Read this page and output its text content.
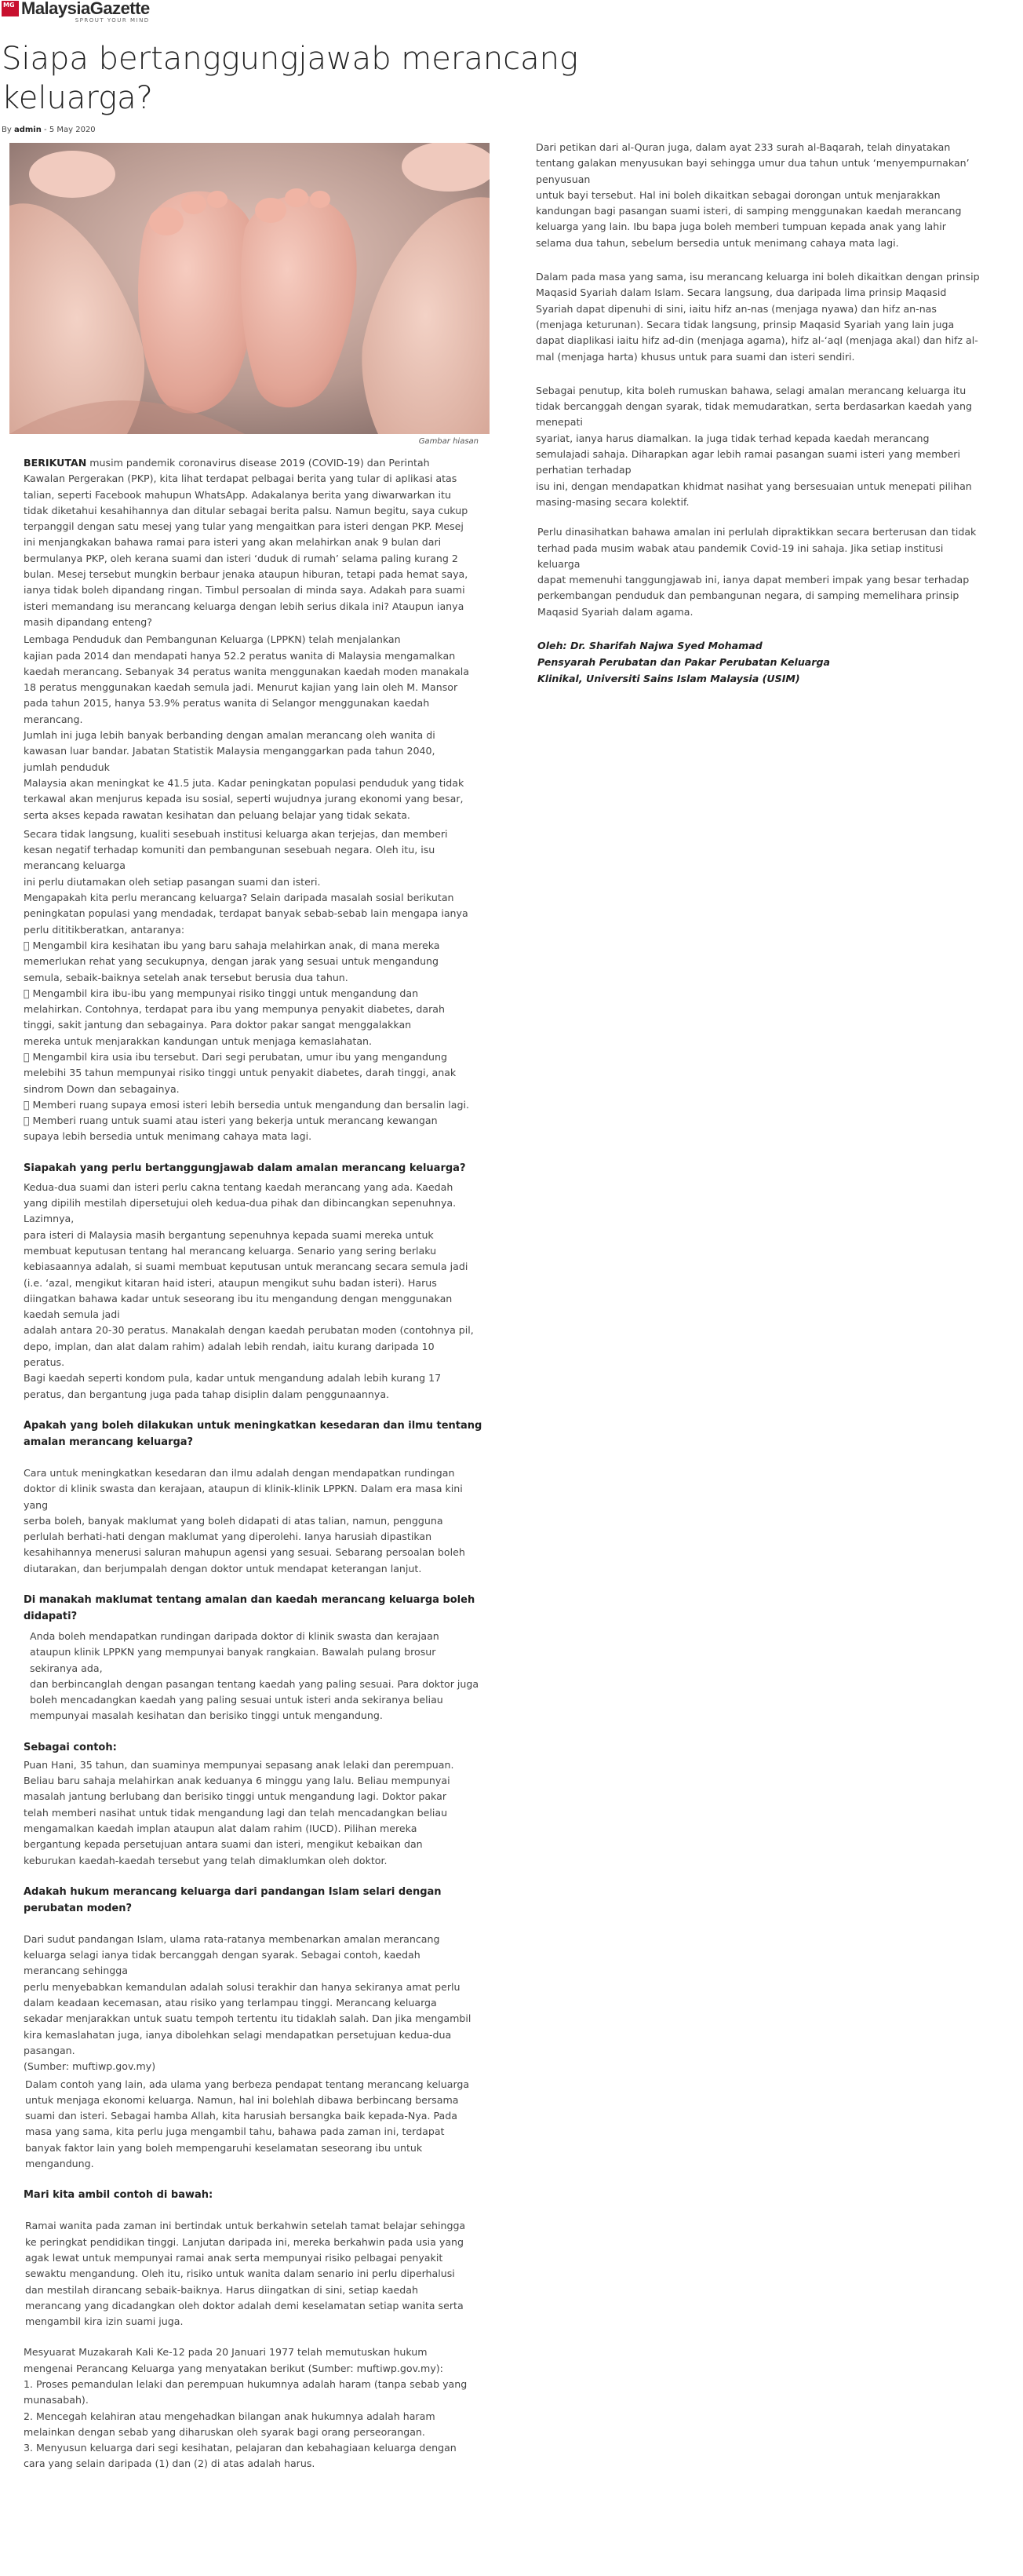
MG MalaysiaGazette
SPROUT YOUR MIND
Siapa bertanggungjawab merancang keluarga?
By admin - 5 May 2020
Gambar hiasan
BERIKUTAN musim pandemik coronavirus disease 2019 (COVID-19) dan Perintah
Kawalan Pergerakan (PKP), kita lihat terdapat pelbagai berita yang tular di aplikasi atas
talian, seperti Facebook mahupun WhatsApp. Adakalanya berita yang diwarwarkan itu
tidak diketahui kesahihannya dan ditular sebagai berita palsu. Namun begitu, saya cukup
terpanggil dengan satu mesej yang tular yang mengaitkan para isteri dengan PKP. Mesej
ini menjangkakan bahawa ramai para isteri yang akan melahirkan anak 9 bulan dari
bermulanya PKP, oleh kerana suami dan isteri ‘duduk di rumah’ selama paling kurang 2
bulan. Mesej tersebut mungkin berbaur jenaka ataupun hiburan, tetapi pada hemat saya,
ianya tidak boleh dipandang ringan. Timbul persoalan di minda saya. Adakah para suami
isteri memandang isu merancang keluarga dengan lebih serius dikala ini? Ataupun ianya
masih dipandang enteng?
Lembaga Penduduk dan Pembangunan Keluarga (LPPKN) telah menjalankan
kajian pada 2014 dan mendapati hanya 52.2 peratus wanita di Malaysia mengamalkan
kaedah merancang. Sebanyak 34 peratus wanita menggunakan kaedah moden manakala
18 peratus menggunakan kaedah semula jadi. Menurut kajian yang lain oleh M. Mansor
pada tahun 2015, hanya 53.9% peratus wanita di Selangor menggunakan kaedah
merancang.
Jumlah ini juga lebih banyak berbanding dengan amalan merancang oleh wanita di
kawasan luar bandar. Jabatan Statistik Malaysia menganggarkan pada tahun 2040,
jumlah penduduk
Malaysia akan meningkat ke 41.5 juta. Kadar peningkatan populasi penduduk yang tidak
terkawal akan menjurus kepada isu sosial, seperti wujudnya jurang ekonomi yang besar,
serta akses kepada rawatan kesihatan dan peluang belajar yang tidak sekata.
Secara tidak langsung, kualiti sesebuah institusi keluarga akan terjejas, dan memberi
kesan negatif terhadap komuniti dan pembangunan sesebuah negara. Oleh itu, isu
merancang keluarga
ini perlu diutamakan oleh setiap pasangan suami dan isteri.
Mengapakah kita perlu merancang keluarga? Selain daripada masalah sosial berikutan
peningkatan populasi yang mendadak, terdapat banyak sebab-sebab lain mengapa ianya
perlu dititikberatkan, antaranya:
Mengambil kira kesihatan ibu yang baru sahaja melahirkan anak, di mana mereka
memerlukan rehat yang secukupnya, dengan jarak yang sesuai untuk mengandung
semula, sebaik-baiknya setelah anak tersebut berusia dua tahun.
Mengambil kira ibu-ibu yang mempunyai risiko tinggi untuk mengandung dan
melahirkan. Contohnya, terdapat para ibu yang mempunya penyakit diabetes, darah
tinggi, sakit jantung dan sebagainya. Para doktor pakar sangat menggalakkan
mereka untuk menjarakkan kandungan untuk menjaga kemaslahatan.
Mengambil kira usia ibu tersebut. Dari segi perubatan, umur ibu yang mengandung
melebihi 35 tahun mempunyai risiko tinggi untuk penyakit diabetes, darah tinggi, anak
sindrom Down dan sebagainya.
Memberi ruang supaya emosi isteri lebih bersedia untuk mengandung dan bersalin lagi.
Memberi ruang untuk suami atau isteri yang bekerja untuk merancang kewangan
supaya lebih bersedia untuk menimang cahaya mata lagi.
Siapakah yang perlu bertanggungjawab dalam amalan merancang keluarga?
Kedua-dua suami dan isteri perlu cakna tentang kaedah merancang yang ada. Kaedah
yang dipilih mestilah dipersetujui oleh kedua-dua pihak dan dibincangkan sepenuhnya.
Lazimnya,
para isteri di Malaysia masih bergantung sepenuhnya kepada suami mereka untuk
membuat keputusan tentang hal merancang keluarga. Senario yang sering berlaku
kebiasaannya adalah, si suami membuat keputusan untuk merancang secara semula jadi
(i.e. ‘azal, mengikut kitaran haid isteri, ataupun mengikut suhu badan isteri). Harus
diingatkan bahawa kadar untuk seseorang ibu itu mengandung dengan menggunakan
kaedah semula jadi
adalah antara 20-30 peratus. Manakalah dengan kaedah perubatan moden (contohnya pil,
depo, implan, dan alat dalam rahim) adalah lebih rendah, iaitu kurang daripada 10
peratus.
Bagi kaedah seperti kondom pula, kadar untuk mengandung adalah lebih kurang 17
peratus, dan bergantung juga pada tahap disiplin dalam penggunaannya.
Apakah yang boleh dilakukan untuk meningkatkan kesedaran dan ilmu tentang
amalan merancang keluarga?
Cara untuk meningkatkan kesedaran dan ilmu adalah dengan mendapatkan rundingan
doktor di klinik swasta dan kerajaan, ataupun di klinik-klinik LPPKN. Dalam era masa kini
yang
serba boleh, banyak maklumat yang boleh didapati di atas talian, namun, pengguna
perlulah berhati-hati dengan maklumat yang diperolehi. Ianya harusiah dipastikan
kesahihannya menerusi saluran mahupun agensi yang sesuai. Sebarang persoalan boleh
diutarakan, dan berjumpalah dengan doktor untuk mendapat keterangan lanjut.
Di manakah maklumat tentang amalan dan kaedah merancang keluarga boleh
didapati?
Anda boleh mendapatkan rundingan daripada doktor di klinik swasta dan kerajaan
ataupun klinik LPPKN yang mempunyai banyak rangkaian. Bawalah pulang brosur
sekiranya ada,
dan berbincanglah dengan pasangan tentang kaedah yang paling sesuai. Para doktor juga
boleh mencadangkan kaedah yang paling sesuai untuk isteri anda sekiranya beliau
mempunyai masalah kesihatan dan berisiko tinggi untuk mengandung.
Sebagai contoh:
Puan Hani, 35 tahun, dan suaminya mempunyai sepasang anak lelaki dan perempuan.
Beliau baru sahaja melahirkan anak keduanya 6 minggu yang lalu. Beliau mempunyai
masalah jantung berlubang dan berisiko tinggi untuk mengandung lagi. Doktor pakar
telah memberi nasihat untuk tidak mengandung lagi dan telah mencadangkan beliau
mengamalkan kaedah implan ataupun alat dalam rahim (IUCD). Pilihan mereka
bergantung kepada persetujuan antara suami dan isteri, mengikut kebaikan dan
keburukan kaedah-kaedah tersebut yang telah dimaklumkan oleh doktor.
Adakah hukum merancang keluarga dari pandangan Islam selari dengan
perubatan moden?
Dari sudut pandangan Islam, ulama rata-ratanya membenarkan amalan merancang
keluarga selagi ianya tidak bercanggah dengan syarak. Sebagai contoh, kaedah
merancang sehingga
perlu menyebabkan kemandulan adalah solusi terakhir dan hanya sekiranya amat perlu
dalam keadaan kecemasan, atau risiko yang terlampau tinggi. Merancang keluarga
sekadar menjarakkan untuk suatu tempoh tertentu itu tidaklah salah. Dan jika mengambil
kira kemaslahatan juga, ianya dibolehkan selagi mendapatkan persetujuan kedua-dua
pasangan.
(Sumber: muftiwp.gov.my)
Dalam contoh yang lain, ada ulama yang berbeza pendapat tentang merancang keluarga
untuk menjaga ekonomi keluarga. Namun, hal ini bolehlah dibawa berbincang bersama
suami dan isteri. Sebagai hamba Allah, kita harusiah bersangka baik kepada-Nya. Pada
masa yang sama, kita perlu juga mengambil tahu, bahawa pada zaman ini, terdapat
banyak faktor lain yang boleh mempengaruhi keselamatan seseorang ibu untuk
mengandung.
Mari kita ambil contoh di bawah:
Ramai wanita pada zaman ini bertindak untuk berkahwin setelah tamat belajar sehingga
ke peringkat pendidikan tinggi. Lanjutan daripada ini, mereka berkahwin pada usia yang
agak lewat untuk mempunyai ramai anak serta mempunyai risiko pelbagai penyakit
sewaktu mengandung. Oleh itu, risiko untuk wanita dalam senario ini perlu diperhalusi
dan mestilah dirancang sebaik-baiknya. Harus diingatkan di sini, setiap kaedah
merancang yang dicadangkan oleh doktor adalah demi keselamatan setiap wanita serta
mengambil kira izin suami juga.
Mesyuarat Muzakarah Kali Ke-12 pada 20 Januari 1977 telah memutuskan hukum
mengenai Perancang Keluarga yang menyatakan berikut (Sumber: muftiwp.gov.my):
1. Proses pemandulan lelaki dan perempuan hukumnya adalah haram (tanpa sebab yang
munasabah).
2. Mencegah kelahiran atau mengehadkan bilangan anak hukumnya adalah haram
melainkan dengan sebab yang diharuskan oleh syarak bagi orang perseorangan.
3. Menyusun keluarga dari segi kesihatan, pelajaran dan kebahagiaan keluarga dengan
cara yang selain daripada (1) dan (2) di atas adalah harus.
Dari petikan dari al-Quran juga, dalam ayat 233 surah al-Baqarah, telah dinyatakan
tentang galakan menyusukan bayi sehingga umur dua tahun untuk ‘menyempurnakan’
penyusuan
untuk bayi tersebut. Hal ini boleh dikaitkan sebagai dorongan untuk menjarakkan
kandungan bagi pasangan suami isteri, di samping menggunakan kaedah merancang
keluarga yang lain. Ibu bapa juga boleh memberi tumpuan kepada anak yang lahir
selama dua tahun, sebelum bersedia untuk menimang cahaya mata lagi.
Dalam pada masa yang sama, isu merancang keluarga ini boleh dikaitkan dengan prinsip
Maqasid Syariah dalam Islam. Secara langsung, dua daripada lima prinsip Maqasid
Syariah dapat dipenuhi di sini, iaitu hifz an-nas (menjaga nyawa) dan hifz an-nas
(menjaga keturunan). Secara tidak langsung, prinsip Maqasid Syariah yang lain juga
dapat diaplikasi iaitu hifz ad-din (menjaga agama), hifz al-‘aql (menjaga akal) dan hifz al-
mal (menjaga harta) khusus untuk para suami dan isteri sendiri.
Sebagai penutup, kita boleh rumuskan bahawa, selagi amalan merancang keluarga itu
tidak bercanggah dengan syarak, tidak memudaratkan, serta berdasarkan kaedah yang
menepati
syariat, ianya harus diamalkan. Ia juga tidak terhad kepada kaedah merancang
semulajadi sahaja. Diharapkan agar lebih ramai pasangan suami isteri yang memberi
perhatian terhadap
isu ini, dengan mendapatkan khidmat nasihat yang bersesuaian untuk menepati pilihan
masing-masing secara kolektif.
Perlu dinasihatkan bahawa amalan ini perlulah dipraktikkan secara berterusan dan tidak
terhad pada musim wabak atau pandemik Covid-19 ini sahaja. Jika setiap institusi
keluarga
dapat memenuhi tanggungjawab ini, ianya dapat memberi impak yang besar terhadap
perkembangan penduduk dan pembangunan negara, di samping memelihara prinsip
Maqasid Syariah dalam agama.
Oleh: Dr. Sharifah Najwa Syed Mohamad
Pensyarah Perubatan dan Pakar Perubatan Keluarga
Klinikal, Universiti Sains Islam Malaysia (USIM)
